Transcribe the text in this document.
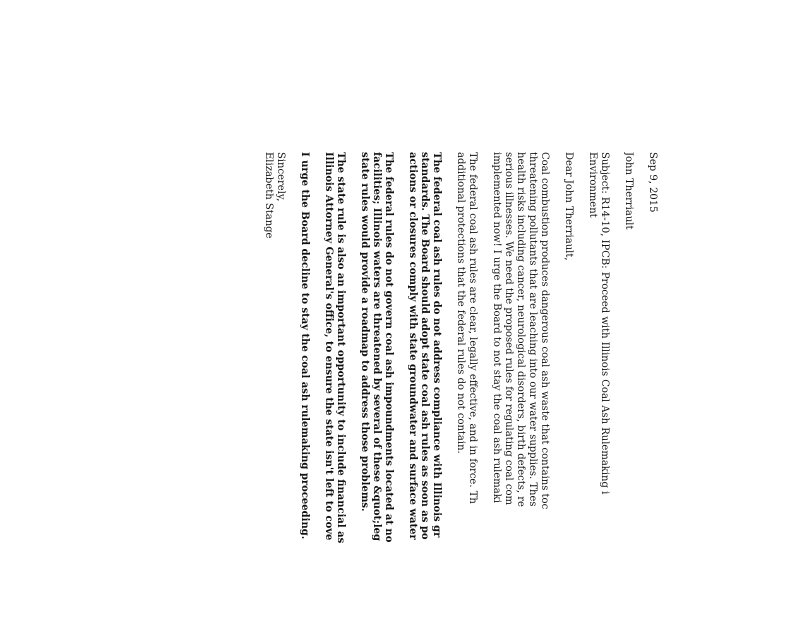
Sep 9, 2015
John Therriault
Subject: R14-10, IPCB: Proceed with Illinois Coal Ash Rulemaking i
Environment
Dear John Therriault,
Coal combustion produces dangerous coal ash waste that contains toc
threatening pollutants that are leaching into our water supplies. Thes
health risks including cancer, neurological disorders, birth defects, re
serious illnesses. We need the proposed rules for regulating coal com
implemented now! I urge the Board to not stay the coal ash rulemaki
The federal coal ash rules are clear, legally effective, and in force. Th
additional protections that the federal rules do not contain.
The federal coal ash rules do not address compliance with Illinois gr
standards. The Board should adopt state coal ash rules as soon as po
actions or closures comply with state groundwater and surface water
The federal rules do not govern coal ash impoundments located at no
facilities; Illinois waters are threatened by several of these &quot;leg
state rules would provide a roadmap to address those problems.
The state rule is also an important opportunity to include financial as
Illinois Attorney General's office, to ensure the state isn't left to cove
I urge the Board decline to stay the coal ash rulemaking proceeding.
Sincerely,
Elizabeth Stange
